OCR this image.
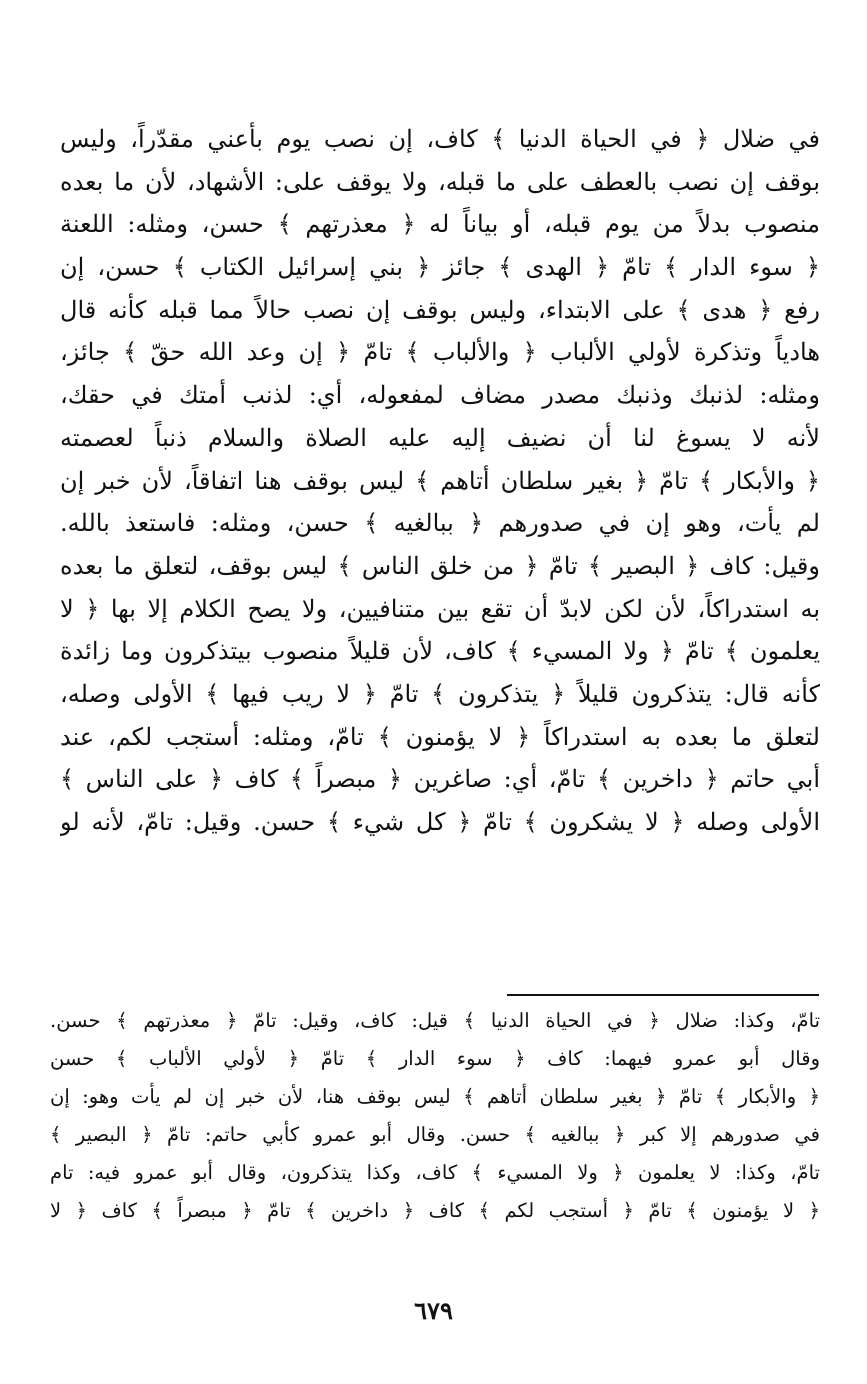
في ضلال ﴿ في الحياة الدنيا ﴾ كاف، إن نصب يوم بأعني مقدّراً، وليس
بوقف إن نصب بالعطف على ما قبله، ولا يوقف على: الأشهاد، لأن ما بعده
منصوب بدلاً من يوم قبله، أو بياناً له ﴿ معذرتهم ﴾ حسن، ومثله: اللعنة
﴿ سوء الدار ﴾ تامّ ﴿ الهدى ﴾ جائز ﴿ بني إسرائيل الكتاب ﴾ حسن، إن
رفع ﴿ هدى ﴾ على الابتداء، وليس بوقف إن نصب حالاً مما قبله كأنه قال
هادياً وتذكرة لأولي الألباب ﴿ والألباب ﴾ تامّ ﴿ إن وعد الله حقّ ﴾ جائز،
ومثله: لذنبك وذنبك مصدر مضاف لمفعوله، أي: لذنب أمتك في حقك،
لأنه لا يسوغ لنا أن نضيف إليه عليه الصلاة والسلام ذنباً لعصمته
﴿ والأبكار ﴾ تامّ ﴿ بغير سلطان أتاهم ﴾ ليس بوقف هنا اتفاقاً، لأن خبر إن
لم يأت، وهو إن في صدورهم ﴿ ببالغيه ﴾ حسن، ومثله: فاستعذ بالله.
وقيل: كاف ﴿ البصير ﴾ تامّ ﴿ من خلق الناس ﴾ ليس بوقف، لتعلق ما بعده
به استدراكاً، لأن لكن لابدّ أن تقع بين متنافيين، ولا يصح الكلام إلا بها ﴿ لا
يعلمون ﴾ تامّ ﴿ ولا المسيء ﴾ كاف، لأن قليلاً منصوب بيتذكرون وما زائدة
كأنه قال: يتذكرون قليلاً ﴿ يتذكرون ﴾ تامّ ﴿ لا ريب فيها ﴾ الأولى وصله،
لتعلق ما بعده به استدراكاً ﴿ لا يؤمنون ﴾ تامّ، ومثله: أستجب لكم، عند
أبي حاتم ﴿ داخرين ﴾ تامّ، أي: صاغرين ﴿ مبصراً ﴾ كاف ﴿ على الناس ﴾
الأولى وصله ﴿ لا يشكرون ﴾ تامّ ﴿ كل شيء ﴾ حسن. وقيل: تامّ، لأنه لو
تامّ، وكذا: ضلال ﴿ في الحياة الدنيا ﴾ قيل: كاف، وقيل: تامّ ﴿ معذرتهم ﴾ حسن.
وقال أبو عمرو فيهما: كاف ﴿ سوء الدار ﴾ تامّ ﴿ لأولي الألباب ﴾ حسن
﴿ والأبكار ﴾ تامّ ﴿ بغير سلطان أتاهم ﴾ ليس بوقف هنا، لأن خبر إن لم يأت وهو: إن
في صدورهم إلا كبر ﴿ ببالغيه ﴾ حسن. وقال أبو عمرو كأبي حاتم: تامّ ﴿ البصير ﴾
تامّ، وكذا: لا يعلمون ﴿ ولا المسيء ﴾ كاف، وكذا يتذكرون، وقال أبو عمرو فيه: تام
﴿ لا يؤمنون ﴾ تامّ ﴿ أستجب لكم ﴾ كاف ﴿ داخرين ﴾ تامّ ﴿ مبصراً ﴾ كاف ﴿ لا
٦٧٩
